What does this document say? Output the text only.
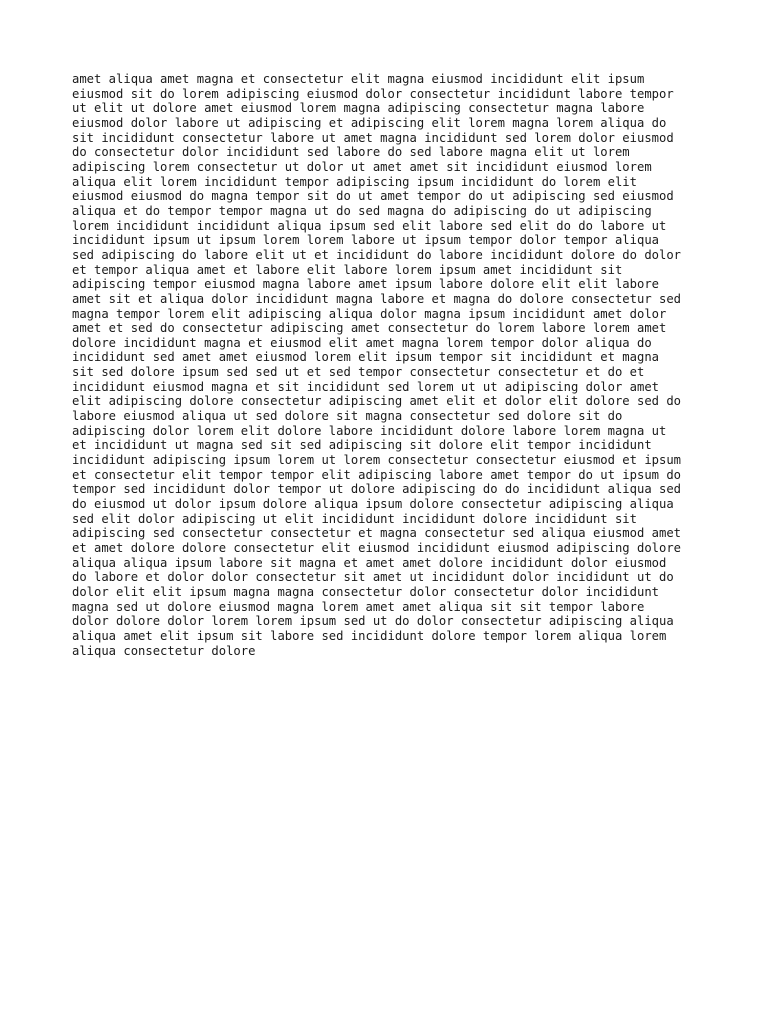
amet aliqua amet magna et consectetur elit magna eiusmod incididunt elit ipsum
eiusmod sit do lorem adipiscing eiusmod dolor consectetur incididunt labore tempor
ut elit ut dolore amet eiusmod lorem magna adipiscing consectetur magna labore
eiusmod dolor labore ut adipiscing et adipiscing elit lorem magna lorem aliqua do
sit incididunt consectetur labore ut amet magna incididunt sed lorem dolor eiusmod
do consectetur dolor incididunt sed labore do sed labore magna elit ut lorem
adipiscing lorem consectetur ut dolor ut amet amet sit incididunt eiusmod lorem
aliqua elit lorem incididunt tempor adipiscing ipsum incididunt do lorem elit
eiusmod eiusmod do magna tempor sit do ut amet tempor do ut adipiscing sed eiusmod
aliqua et do tempor tempor magna ut do sed magna do adipiscing do ut adipiscing
lorem incididunt incididunt aliqua ipsum sed elit labore sed elit do do labore ut
incididunt ipsum ut ipsum lorem lorem labore ut ipsum tempor dolor tempor aliqua
sed adipiscing do labore elit ut et incididunt do labore incididunt dolore do dolor
et tempor aliqua amet et labore elit labore lorem ipsum amet incididunt sit
adipiscing tempor eiusmod magna labore amet ipsum labore dolore elit elit labore
amet sit et aliqua dolor incididunt magna labore et magna do dolore consectetur sed
magna tempor lorem elit adipiscing aliqua dolor magna ipsum incididunt amet dolor
amet et sed do consectetur adipiscing amet consectetur do lorem labore lorem amet
dolore incididunt magna et eiusmod elit amet magna lorem tempor dolor aliqua do
incididunt sed amet amet eiusmod lorem elit ipsum tempor sit incididunt et magna
sit sed dolore ipsum sed sed ut et sed tempor consectetur consectetur et do et
incididunt eiusmod magna et sit incididunt sed lorem ut ut adipiscing dolor amet
elit adipiscing dolore consectetur adipiscing amet elit et dolor elit dolore sed do
labore eiusmod aliqua ut sed dolore sit magna consectetur sed dolore sit do
adipiscing dolor lorem elit dolore labore incididunt dolore labore lorem magna ut
et incididunt ut magna sed sit sed adipiscing sit dolore elit tempor incididunt
incididunt adipiscing ipsum lorem ut lorem consectetur consectetur eiusmod et ipsum
et consectetur elit tempor tempor elit adipiscing labore amet tempor do ut ipsum do
tempor sed incididunt dolor tempor ut dolore adipiscing do do incididunt aliqua sed
do eiusmod ut dolor ipsum dolore aliqua ipsum dolore consectetur adipiscing aliqua
sed elit dolor adipiscing ut elit incididunt incididunt dolore incididunt sit
adipiscing sed consectetur consectetur et magna consectetur sed aliqua eiusmod amet
et amet dolore dolore consectetur elit eiusmod incididunt eiusmod adipiscing dolore
aliqua aliqua ipsum labore sit magna et amet amet dolore incididunt dolor eiusmod
do labore et dolor dolor consectetur sit amet ut incididunt dolor incididunt ut do
dolor elit elit ipsum magna magna consectetur dolor consectetur dolor incididunt
magna sed ut dolore eiusmod magna lorem amet amet aliqua sit sit tempor labore
dolor dolore dolor lorem lorem ipsum sed ut do dolor consectetur adipiscing aliqua
aliqua amet elit ipsum sit labore sed incididunt dolore tempor lorem aliqua lorem
aliqua consectetur dolore
